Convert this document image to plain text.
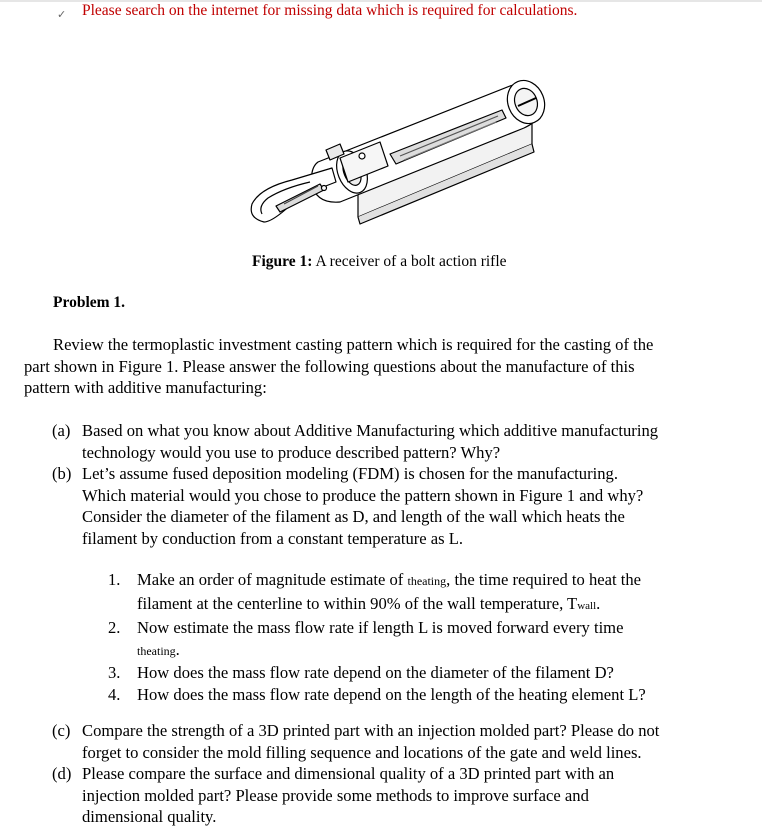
✓ Please search on the internet for missing data which is required for calculations.
Figure 1: A receiver of a bolt action rifle
Problem 1.
Review the termoplastic investment casting pattern which is required for the casting of the
part shown in Figure 1. Please answer the following questions about the manufacture of this
pattern with additive manufacturing:
(a) Based on what you know about Additive Manufacturing which additive manufacturing
technology would you use to produce described pattern? Why?
(b) Let’s assume fused deposition modeling (FDM) is chosen for the manufacturing.
Which material would you chose to produce the pattern shown in Figure 1 and why?
Consider the diameter of the filament as D, and length of the wall which heats the
filament by conduction from a constant temperature as L.
1. Make an order of magnitude estimate of theating, the time required to heat the
filament at the centerline to within 90% of the wall temperature, Twall.
2. Now estimate the mass flow rate if length L is moved forward every time
theating.
3. How does the mass flow rate depend on the diameter of the filament D?
4. How does the mass flow rate depend on the length of the heating element L?
(c) Compare the strength of a 3D printed part with an injection molded part? Please do not
forget to consider the mold filling sequence and locations of the gate and weld lines.
(d) Please compare the surface and dimensional quality of a 3D printed part with an
injection molded part? Please provide some methods to improve surface and
dimensional quality.
